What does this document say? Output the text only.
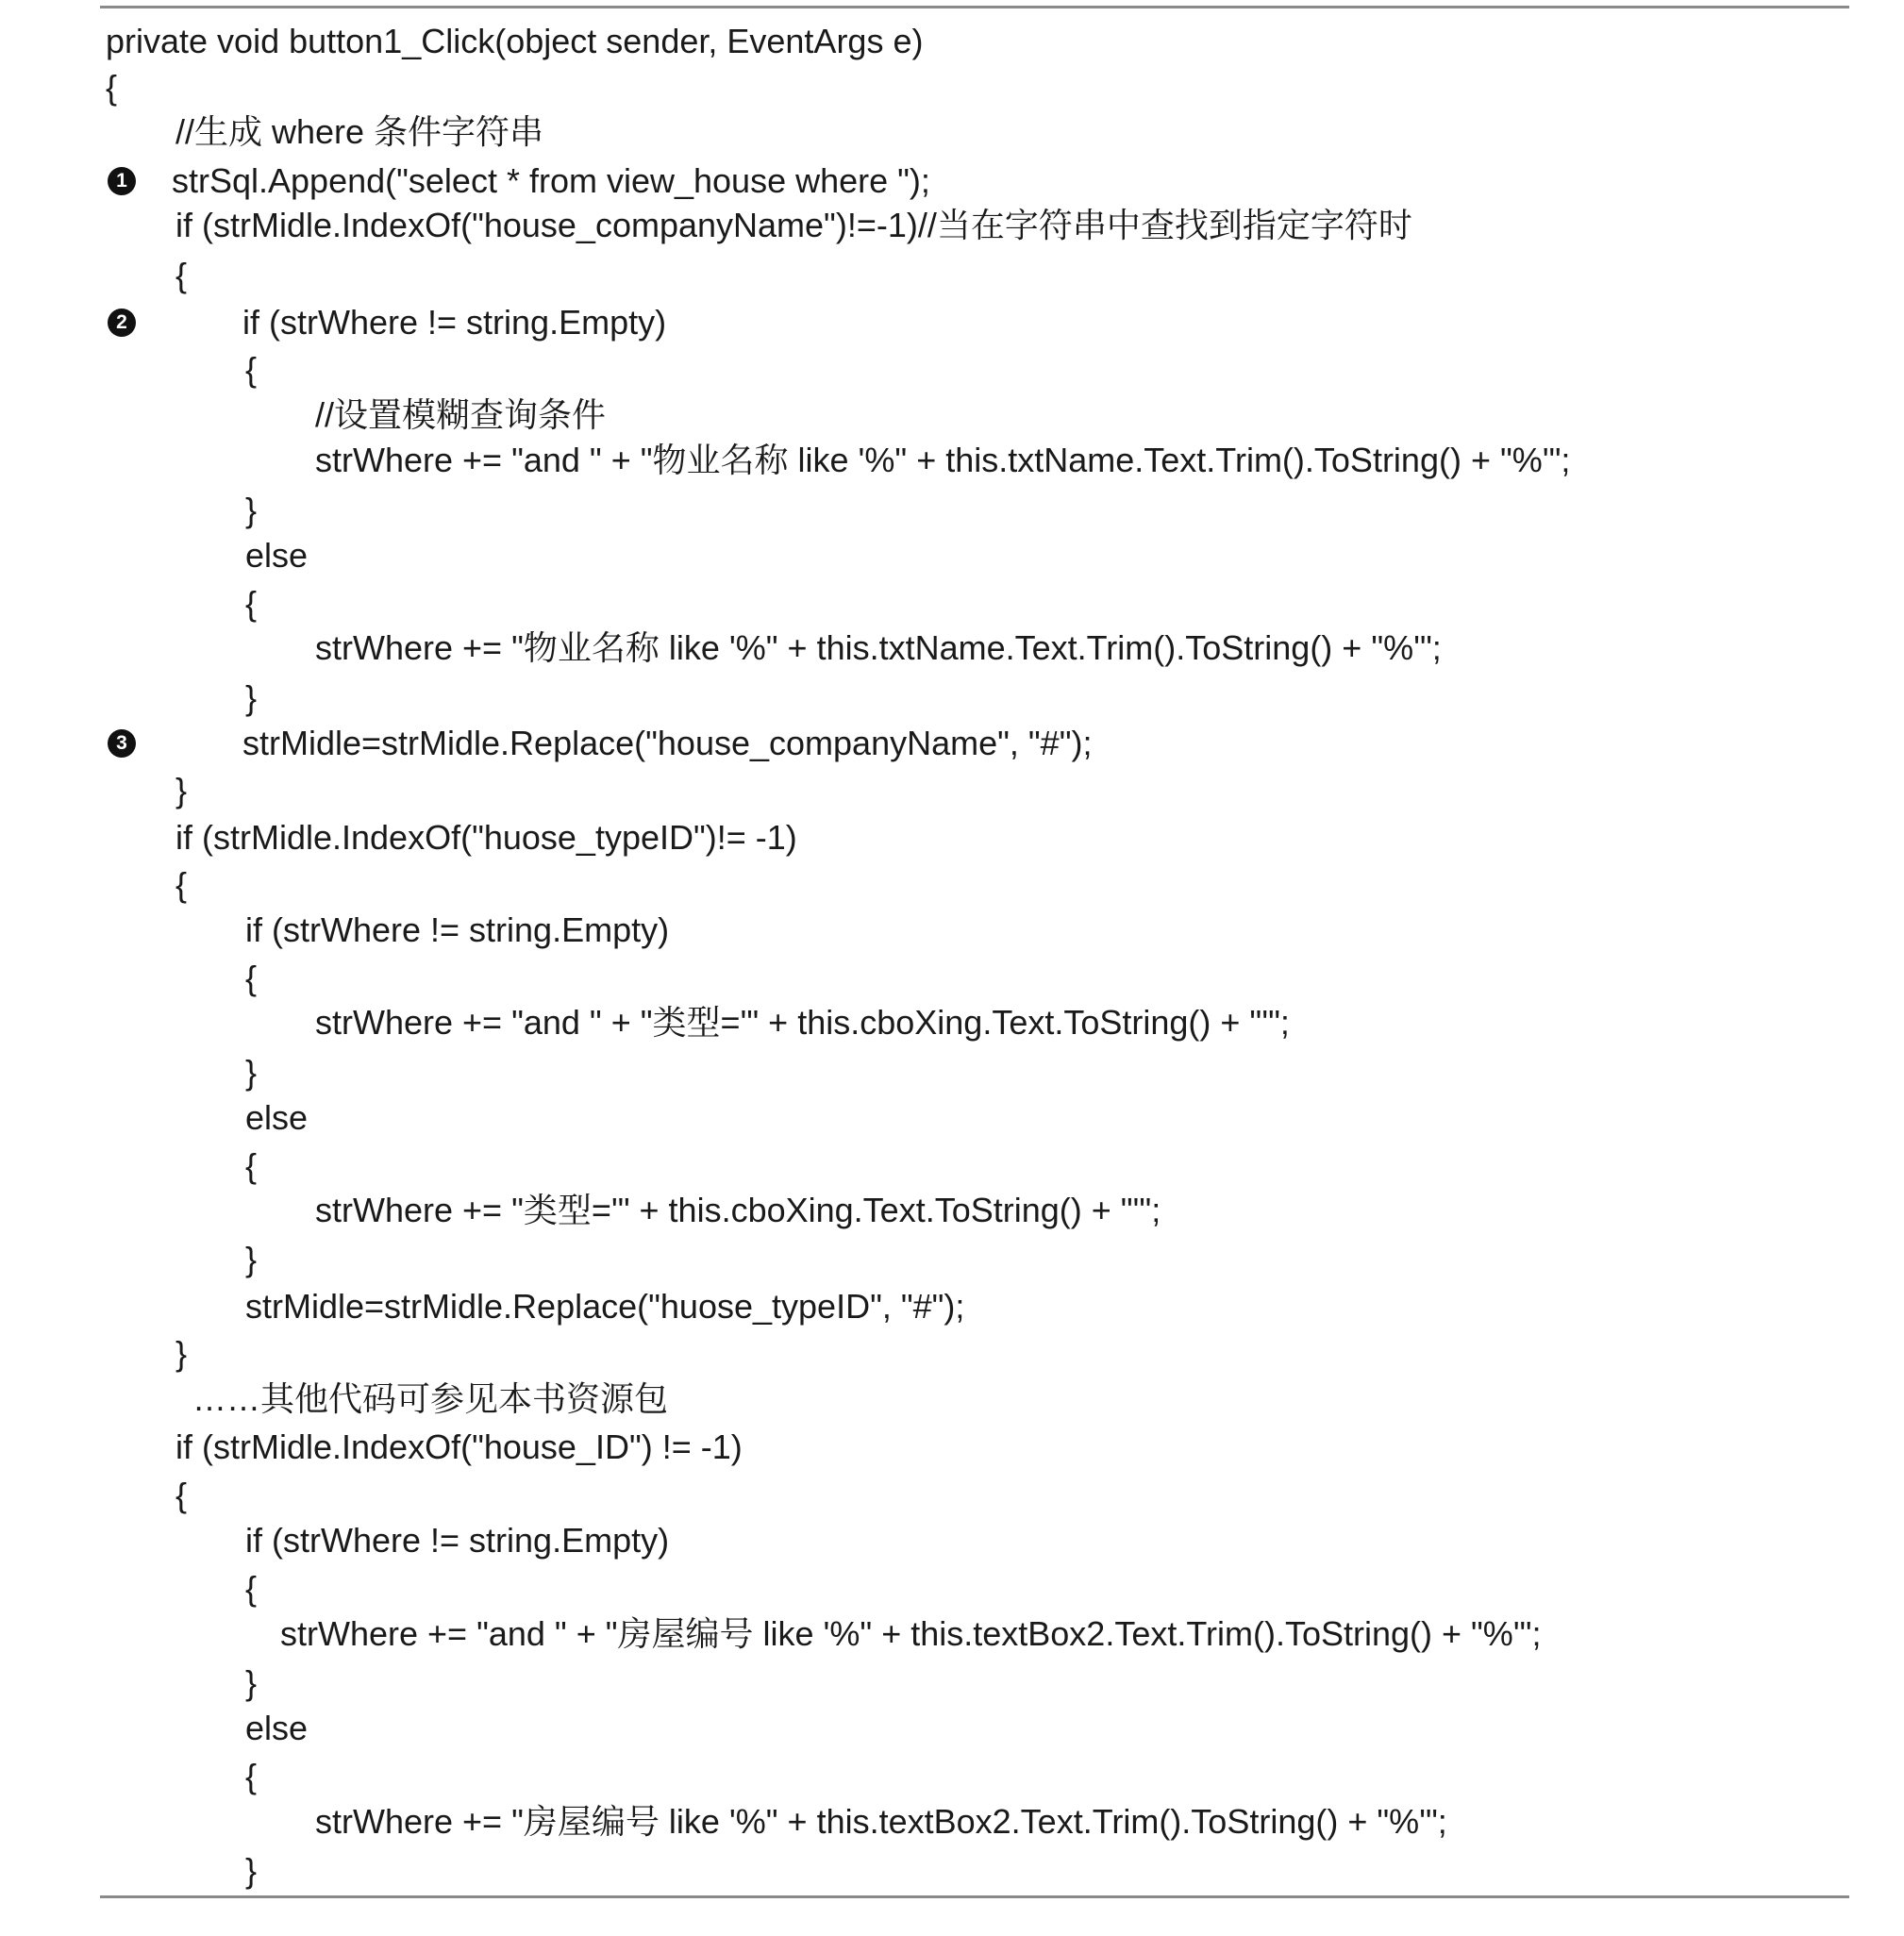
private void button1_Click(object sender, EventArgs e)
{
//生成 where 条件字符串
1 strSql.Append("select * from view_house where ");
if (strMidle.IndexOf("house_companyName")!=-1)//当在字符串中查找到指定字符时
{
2	if (strWhere != string.Empty)
{
//设置模糊查询条件
strWhere += "and " + "物业名称 like '%" + this.txtName.Text.Trim().ToString() + "%'";
}
else
{
strWhere += "物业名称 like '%" + this.txtName.Text.Trim().ToString() + "%'";
}
3	strMidle=strMidle.Replace("house_companyName", "#");
}
if (strMidle.IndexOf("huose_typeID")!= -1)
{
if (strWhere != string.Empty)
{
strWhere += "and " + "类型='" + this.cboXing.Text.ToString() + "'";
}
else
{
strWhere += "类型='" + this.cboXing.Text.ToString() + "'";
}
strMidle=strMidle.Replace("huose_typeID", "#");
}
……其他代码可参见本书资源包
if (strMidle.IndexOf("house_ID") != -1)
{
if (strWhere != string.Empty)
{
strWhere += "and " + "房屋编号 like '%" + this.textBox2.Text.Trim().ToString() + "%'";
}
else
{
strWhere += "房屋编号 like '%" + this.textBox2.Text.Trim().ToString() + "%'";
}
